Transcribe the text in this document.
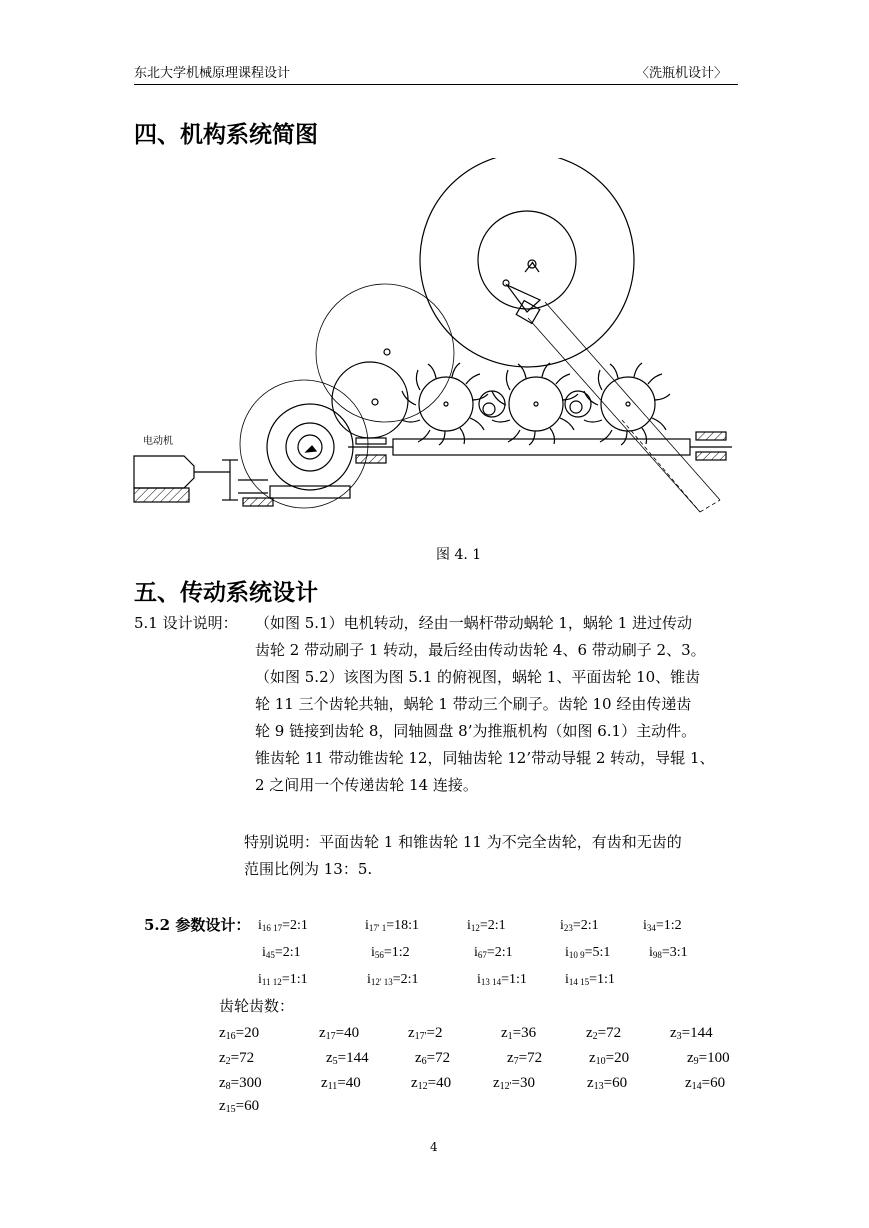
东北大学机械原理课程设计	〈洗瓶机设计〉
四、机构系统简图
电动机
图 4. 1
五、传动系统设计
5.1 设计说明： （如图 5.1）电机转动，经由一蜗杆带动蜗轮 1，蜗轮 1 进过传动
齿轮 2 带动刷子 1 转动，最后经由传动齿轮 4、6 带动刷子 2、3。
（如图 5.2）该图为图 5.1 的俯视图，蜗轮 1、平面齿轮 10、锥齿
轮 11 三个齿轮共轴，蜗轮 1 带动三个刷子。齿轮 10 经由传递齿
轮 9 链接到齿轮 8，同轴圆盘 8’为推瓶机构（如图 6.1）主动件。
锥齿轮 11 带动锥齿轮 12，同轴齿轮 12’带动导辊 2 转动，导辊 1、
2 之间用一个传递齿轮 14 连接。
特别说明：平面齿轮 1 和锥齿轮 11 为不完全齿轮，有齿和无齿的
范围比例为 13：5.
5.2 参数设计： $i_{16 17}=2:1$	$i_{17' 1}=18:1$	$i_{12}=2:1$	$i_{23}=2:1$	$i_{34}=1:2$
$i_{45}=2:1$	$i_{56}=1:2$	$i_{67}=2:1$	$i_{10 9}=5:1$	$i_{98}=3:1$
$i_{11 12}=1:1$	$i_{12' 13}=2:1$	$i_{13 14}=1:1$	$i_{14 15}=1:1$
齿轮齿数：
$z_{16}=20$	$z_{17}=40$	$z_{17'}=2$	$z_1=36$	$z_2=72$	$z_3=144$
$z_2=72$	$z_5=144$	$z_6=72$	$z_7=72$	$z_{10}=20$	$z_9=100$
$z_8=300$	$z_{11}=40$	$z_{12}=40$	$z_{12'}=30$	$z_{13}=60$	$z_{14}=60$
$z_{15}=60$
4
